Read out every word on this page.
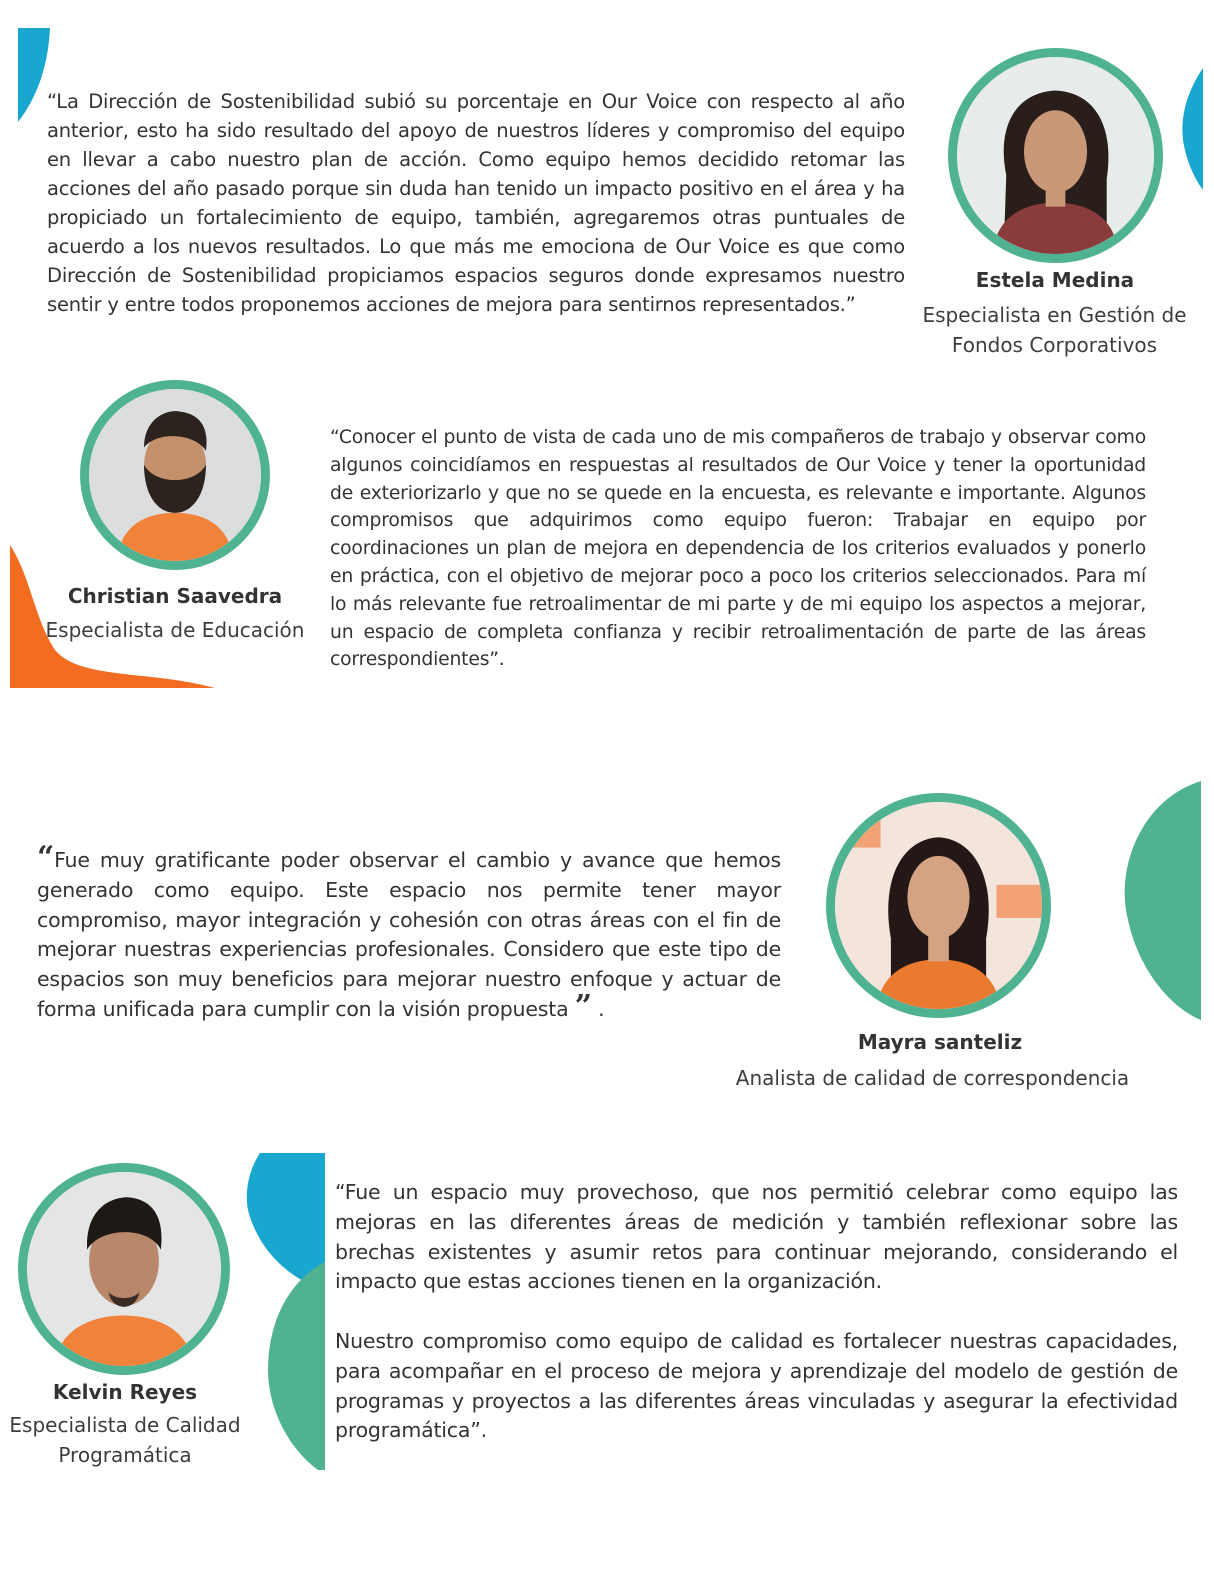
“La Dirección de Sostenibilidad subió su porcentaje en Our Voice con respecto al año anterior, esto ha sido resultado del apoyo de nuestros líderes y compromiso del equipo en llevar a cabo nuestro plan de acción. Como equipo hemos decidido retomar las acciones del año pasado porque sin duda han tenido un impacto positivo en el área y ha propiciado un fortalecimiento de equipo, también, agregaremos otras puntuales de acuerdo a los nuevos resultados. Lo que más me emociona de Our Voice es que como Dirección de Sostenibilidad propiciamos espacios seguros donde expresamos nuestro sentir y entre todos proponemos acciones de mejora para sentirnos representados.”

Estela Medina
Especialista en Gestión de Fondos Corporativos
Christian Saavedra
Especialista de Educación

“Conocer el punto de vista de cada uno de mis compañeros de trabajo y observar como algunos coincidíamos en respuestas al resultados de Our Voice y tener la oportunidad de exteriorizarlo y que no se quede en la encuesta, es relevante e importante. Algunos compromisos que adquirimos como equipo fueron: Trabajar en equipo por coordinaciones un plan de mejora en dependencia de los criterios evaluados y ponerlo en práctica, con el objetivo de mejorar poco a poco los criterios seleccionados. Para mí lo más relevante fue retroalimentar de mi parte y de mi equipo los aspectos a mejorar, un espacio de completa confianza y recibir retroalimentación de parte de las áreas correspondientes”.

“Fue muy gratificante poder observar el cambio y avance que hemos generado como equipo. Este espacio nos permite tener mayor compromiso, mayor integración y cohesión con otras áreas con el fin de mejorar nuestras experiencias profesionales. Considero que este tipo de espacios son muy beneficios para mejorar nuestro enfoque y actuar de forma unificada para cumplir con la visión propuesta ” .

Mayra santeliz
Analista de calidad de correspondencia
Kelvin Reyes
Especialista de Calidad Programática

“Fue un espacio muy provechoso, que nos permitió celebrar como equipo las mejoras en las diferentes áreas de medición y también reflexionar sobre las brechas existentes y asumir retos para continuar mejorando, considerando el impacto que estas acciones tienen en la organización.

Nuestro compromiso como equipo de calidad es fortalecer nuestras capacidades, para acompañar en el proceso de mejora y aprendizaje del modelo de gestión de programas y proyectos a las diferentes áreas vinculadas y asegurar la efectividad programática”.
